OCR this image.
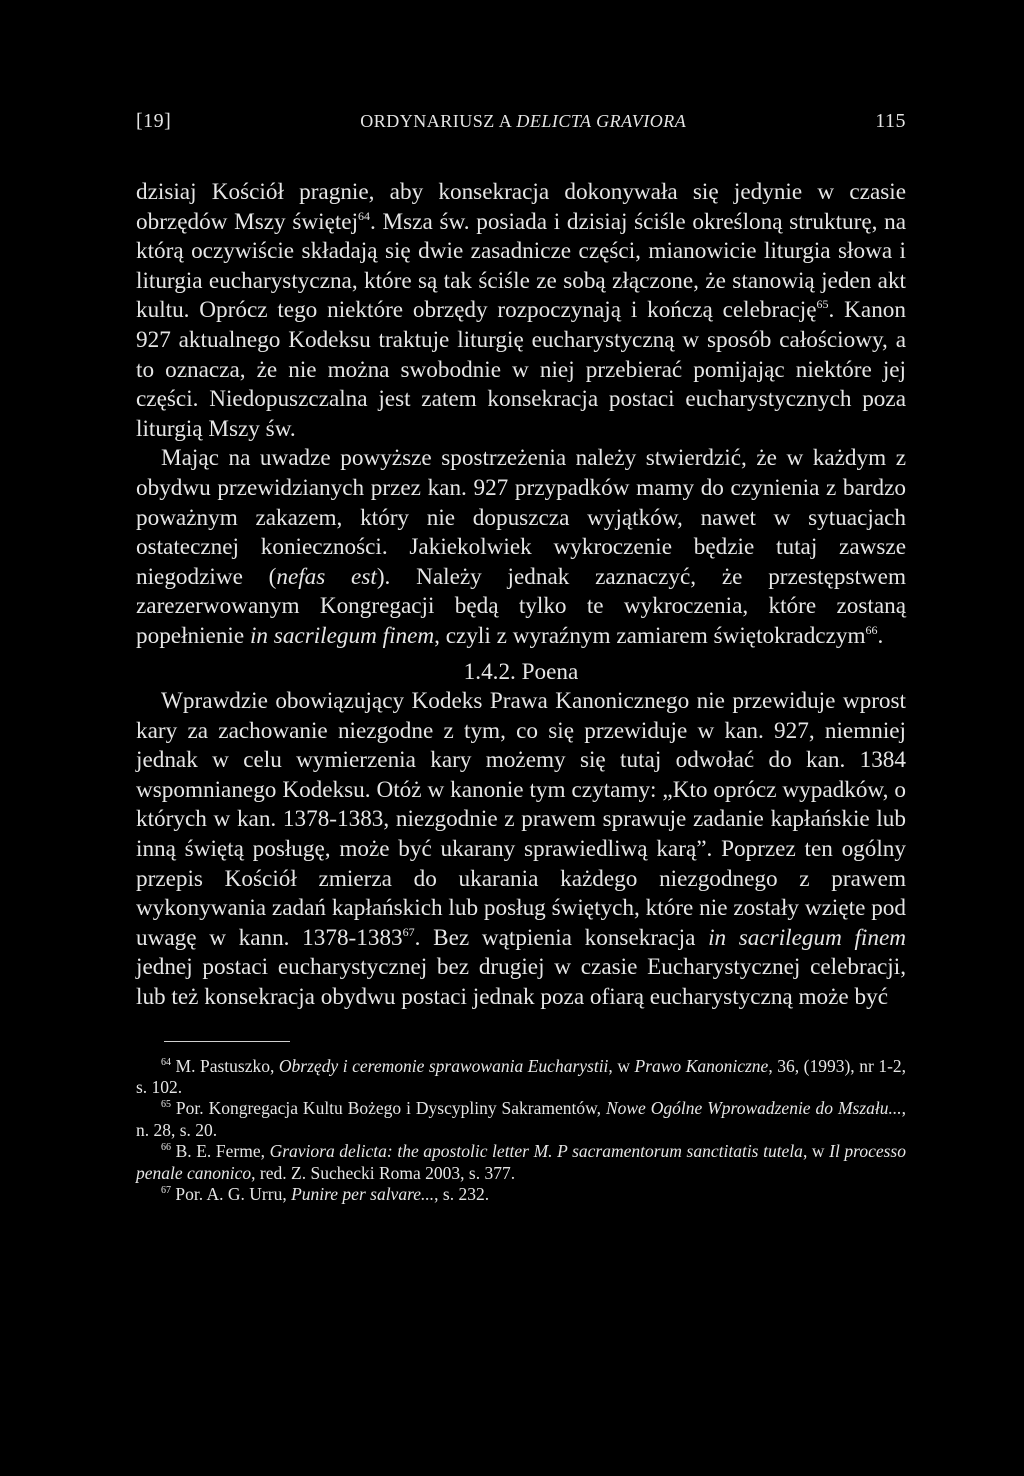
[19]	ORDYNARIUSZ A DELICTA GRAVIORA	115

dzisiaj Kościół pragnie, aby konsekracja dokonywała się jedynie w czasie obrzędów Mszy świętej$^{64}$. Msza św. posiada i dzisiaj ściśle określoną strukturę, na którą oczywiście składają się dwie zasadnicze części, mianowicie liturgia słowa i liturgia eucharystyczna, które są tak ściśle ze sobą złączone, że stanowią jeden akt kultu. Oprócz tego niektóre obrzędy rozpoczynają i kończą celebrację$^{65}$. Kanon 927 aktualnego Kodeksu traktuje liturgię eucharystyczną w sposób całościowy, a to oznacza, że nie można swobodnie w niej przebierać pomijając niektóre jej części. Niedopuszczalna jest zatem konsekracja postaci eucharystycznych poza liturgią Mszy św.

Mając na uwadze powyższe spostrzeżenia należy stwierdzić, że w każdym z obydwu przewidzianych przez kan. 927 przypadków mamy do czynienia z bardzo poważnym zakazem, który nie dopuszcza wyjątków, nawet w sytuacjach ostatecznej konieczności. Jakiekolwiek wykroczenie będzie tutaj zawsze niegodziwe (nefas est). Należy jednak zaznaczyć, że przestępstwem zarezerwowanym Kongregacji będą tylko te wykroczenia, które zostaną popełnienie in sacrilegum finem, czyli z wyraźnym zamiarem świętokradczym$^{66}$.

1.4.2. Poena

Wprawdzie obowiązujący Kodeks Prawa Kanonicznego nie przewiduje wprost kary za zachowanie niezgodne z tym, co się przewiduje w kan. 927, niemniej jednak w celu wymierzenia kary możemy się tutaj odwołać do kan. 1384 wspomnianego Kodeksu. Otóż w kanonie tym czytamy: „Kto oprócz wypadków, o których w kan. 1378-1383, niezgodnie z prawem sprawuje zadanie kapłańskie lub inną świętą posługę, może być ukarany sprawiedliwą karą”. Poprzez ten ogólny przepis Kościół zmierza do ukarania każdego niezgodnego z prawem wykonywania zadań kapłańskich lub posług świętych, które nie zostały wzięte pod uwagę w kann. 1378-1383$^{67}$. Bez wątpienia konsekracja in sacrilegum finem jednej postaci eucharystycznej bez drugiej w czasie Eucharystycznej celebracji, lub też konsekracja obydwu postaci jednak poza ofiarą eucharystyczną może być

$^{64}$ M. Pastuszko, Obrzędy i ceremonie sprawowania Eucharystii, w Prawo Kanoniczne, 36, (1993), nr 1-2, s. 102.

$^{65}$ Por. Kongregacja Kultu Bożego i Dyscypliny Sakramentów, Nowe Ogólne Wprowadzenie do Mszału..., n. 28, s. 20.

$^{66}$ B. E. Ferme, Graviora delicta: the apostolic letter M. P sacramentorum sanctitatis tutela, w Il processo penale canonico, red. Z. Suchecki Roma 2003, s. 377.

$^{67}$ Por. A. G. Urru, Punire per salvare..., s. 232.
